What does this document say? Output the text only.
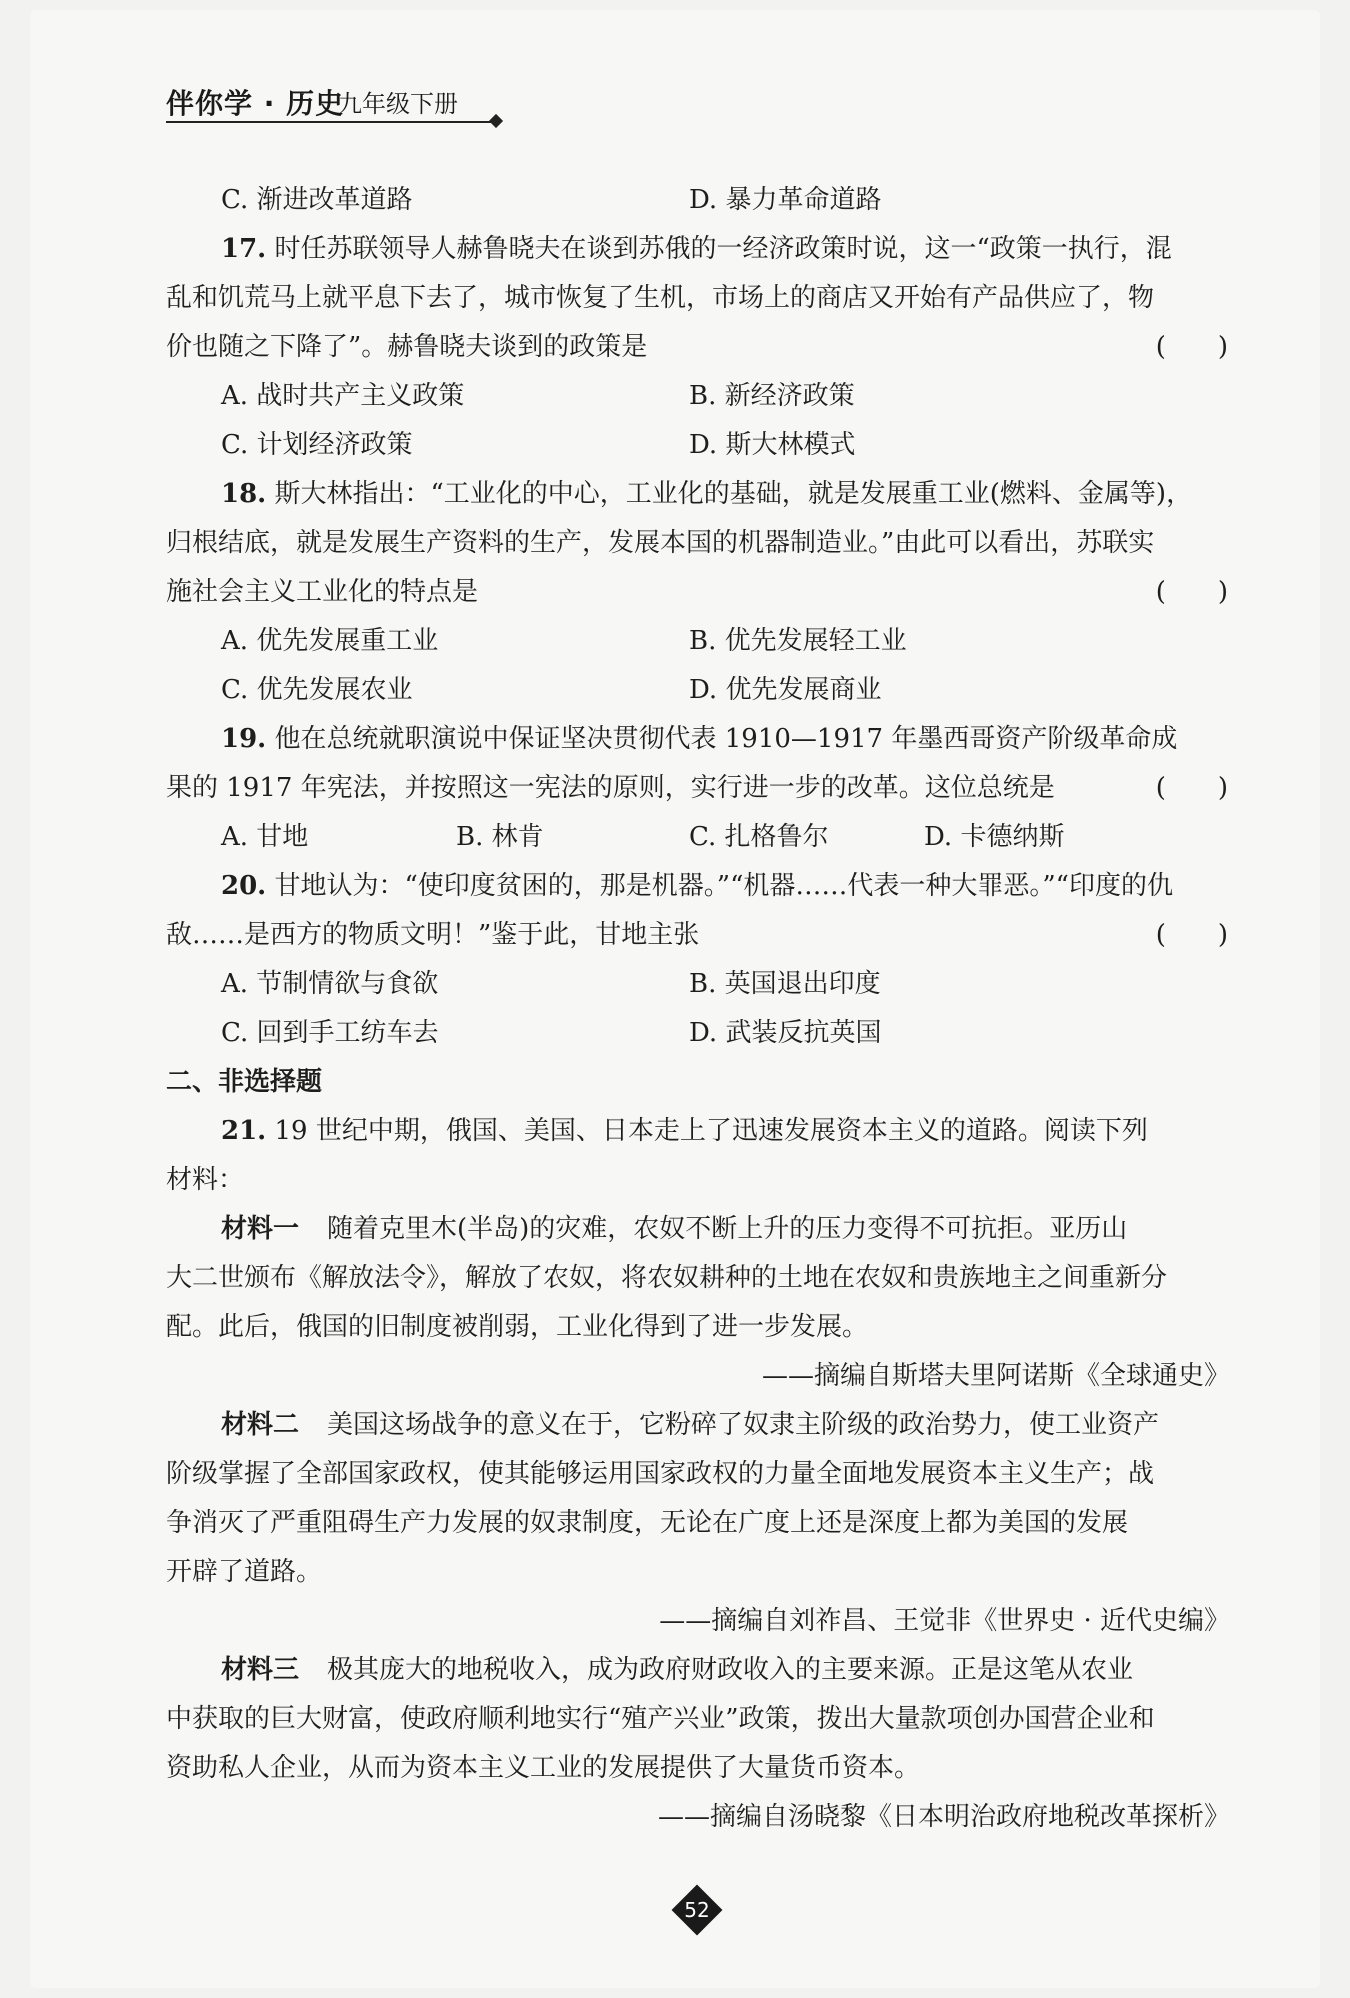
伴你学 · 历史
九年级下册
C. 渐进改革道路	D. 暴力革命道路
17. 时任苏联领导人赫鲁晓夫在谈到苏俄的一经济政策时说，这一“政策一执行，混
乱和饥荒马上就平息下去了，城市恢复了生机，市场上的商店又开始有产品供应了，物
价也随之下降了”。赫鲁晓夫谈到的政策是	(　　)
A. 战时共产主义政策	B. 新经济政策
C. 计划经济政策	D. 斯大林模式
18. 斯大林指出：“工业化的中心，工业化的基础，就是发展重工业(燃料、金属等)，
归根结底，就是发展生产资料的生产，发展本国的机器制造业。”由此可以看出，苏联实
施社会主义工业化的特点是	(　　)
A. 优先发展重工业	B. 优先发展轻工业
C. 优先发展农业	D. 优先发展商业
19. 他在总统就职演说中保证坚决贯彻代表 1910—1917 年墨西哥资产阶级革命成
果的 1917 年宪法，并按照这一宪法的原则，实行进一步的改革。这位总统是	(　　)
A. 甘地	B. 林肯	C. 扎格鲁尔	D. 卡德纳斯
20. 甘地认为：“使印度贫困的，那是机器。”“机器……代表一种大罪恶。”“印度的仇
敌……是西方的物质文明！”鉴于此，甘地主张	(　　)
A. 节制情欲与食欲	B. 英国退出印度
C. 回到手工纺车去	D. 武装反抗英国
二、非选择题
21. 19 世纪中期，俄国、美国、日本走上了迅速发展资本主义的道路。阅读下列
材料：
材料一 随着克里木(半岛)的灾难，农奴不断上升的压力变得不可抗拒。亚历山
大二世颁布《解放法令》，解放了农奴，将农奴耕种的土地在农奴和贵族地主之间重新分
配。此后，俄国的旧制度被削弱，工业化得到了进一步发展。
——摘编自斯塔夫里阿诺斯《全球通史》
材料二 美国这场战争的意义在于，它粉碎了奴隶主阶级的政治势力，使工业资产
阶级掌握了全部国家政权，使其能够运用国家政权的力量全面地发展资本主义生产；战
争消灭了严重阻碍生产力发展的奴隶制度，无论在广度上还是深度上都为美国的发展
开辟了道路。
——摘编自刘祚昌、王觉非《世界史 · 近代史编》
材料三 极其庞大的地税收入，成为政府财政收入的主要来源。正是这笔从农业
中获取的巨大财富，使政府顺利地实行“殖产兴业”政策，拨出大量款项创办国营企业和
资助私人企业，从而为资本主义工业的发展提供了大量货币资本。
——摘编自汤晓黎《日本明治政府地税改革探析》
52
